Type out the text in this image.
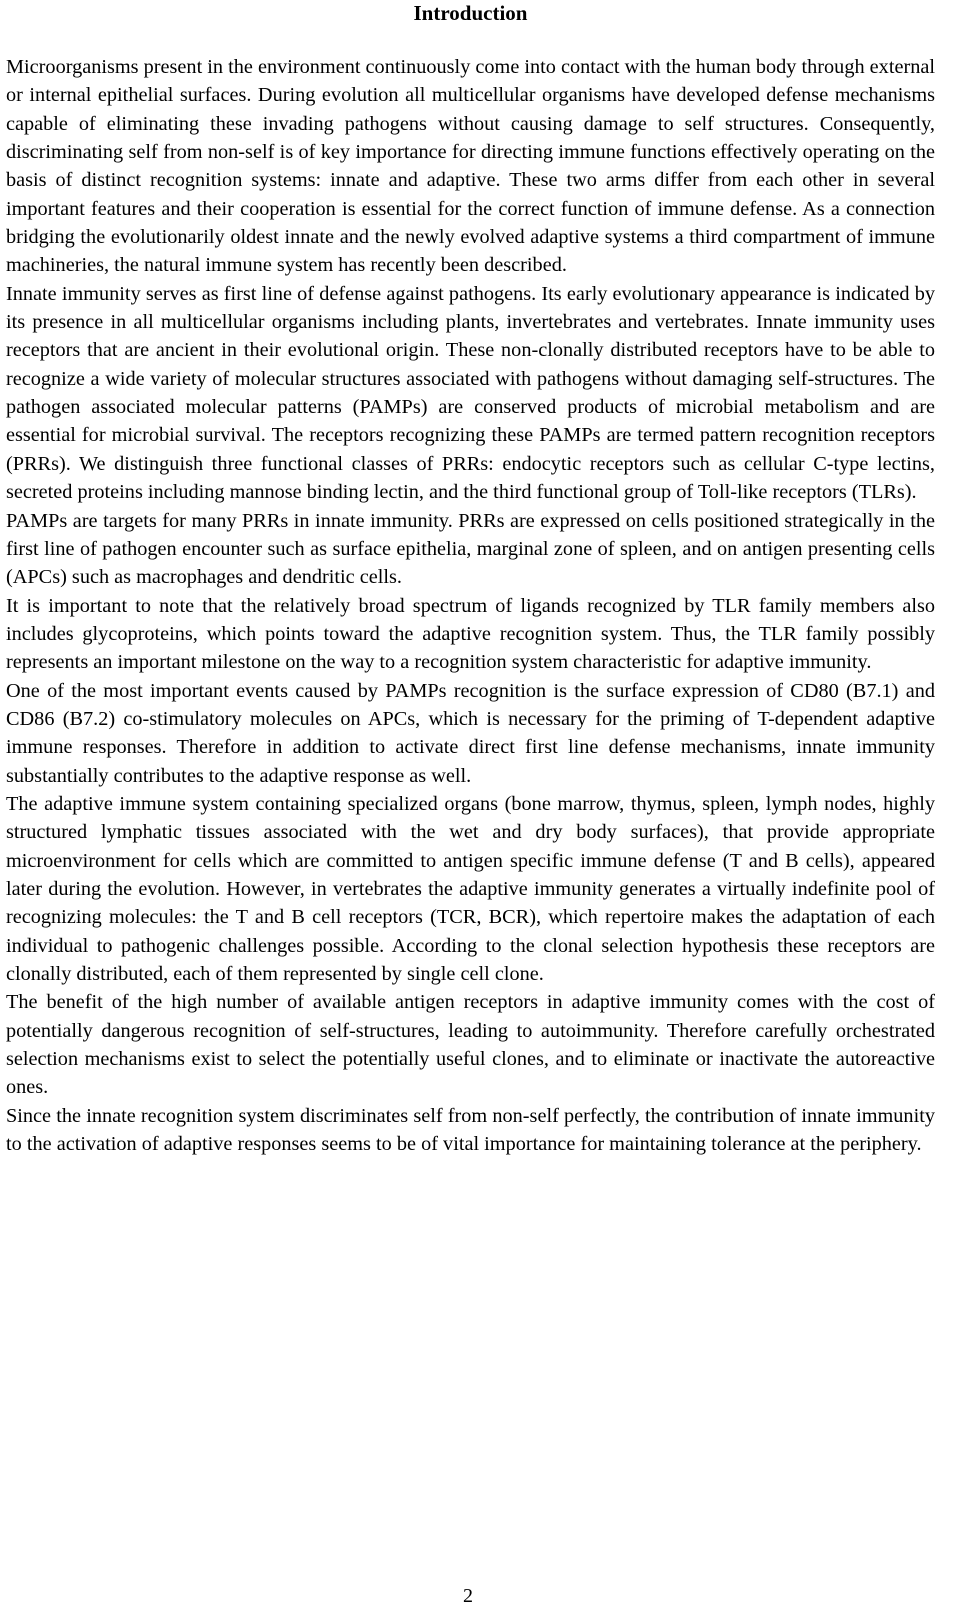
Introduction

Microorganisms present in the environment continuously come into contact with the human body through external or internal epithelial surfaces. During evolution all multicellular organisms have developed defense mechanisms capable of eliminating these invading pathogens without causing damage to self structures. Consequently, discriminating self from non-self is of key importance for directing immune functions effectively operating on the basis of distinct recognition systems: innate and adaptive. These two arms differ from each other in several important features and their cooperation is essential for the correct function of immune defense. As a connection bridging the evolutionarily oldest innate and the newly evolved adaptive systems a third compartment of immune machineries, the natural immune system has recently been described.

Innate immunity serves as first line of defense against pathogens. Its early evolutionary appearance is indicated by its presence in all multicellular organisms including plants, invertebrates and vertebrates. Innate immunity uses receptors that are ancient in their evolutional origin. These non-clonally distributed receptors have to be able to recognize a wide variety of molecular structures associated with pathogens without damaging self-structures. The pathogen associated molecular patterns (PAMPs) are conserved products of microbial metabolism and are essential for microbial survival. The receptors recognizing these PAMPs are termed pattern recognition receptors (PRRs). We distinguish three functional classes of PRRs: endocytic receptors such as cellular C-type lectins, secreted proteins including mannose binding lectin, and the third functional group of Toll-like receptors (TLRs).

PAMPs are targets for many PRRs in innate immunity. PRRs are expressed on cells positioned strategically in the first line of pathogen encounter such as surface epithelia, marginal zone of spleen, and on antigen presenting cells (APCs) such as macrophages and dendritic cells.

It is important to note that the relatively broad spectrum of ligands recognized by TLR family members also includes glycoproteins, which points toward the adaptive recognition system. Thus, the TLR family possibly represents an important milestone on the way to a recognition system characteristic for adaptive immunity.

One of the most important events caused by PAMPs recognition is the surface expression of CD80 (B7.1) and CD86 (B7.2) co-stimulatory molecules on APCs, which is necessary for the priming of T-dependent adaptive immune responses. Therefore in addition to activate direct first line defense mechanisms, innate immunity substantially contributes to the adaptive response as well.

The adaptive immune system containing specialized organs (bone marrow, thymus, spleen, lymph nodes, highly structured lymphatic tissues associated with the wet and dry body surfaces), that provide appropriate microenvironment for cells which are committed to antigen specific immune defense (T and B cells), appeared later during the evolution. However, in vertebrates the adaptive immunity generates a virtually indefinite pool of recognizing molecules: the T and B cell receptors (TCR, BCR), which repertoire makes the adaptation of each individual to pathogenic challenges possible. According to the clonal selection hypothesis these receptors are clonally distributed, each of them represented by single cell clone.

The benefit of the high number of available antigen receptors in adaptive immunity comes with the cost of potentially dangerous recognition of self-structures, leading to autoimmunity. Therefore carefully orchestrated selection mechanisms exist to select the potentially useful clones, and to eliminate or inactivate the autoreactive ones.

Since the innate recognition system discriminates self from non-self perfectly, the contribution of innate immunity to the activation of adaptive responses seems to be of vital importance for maintaining tolerance at the periphery.

2
